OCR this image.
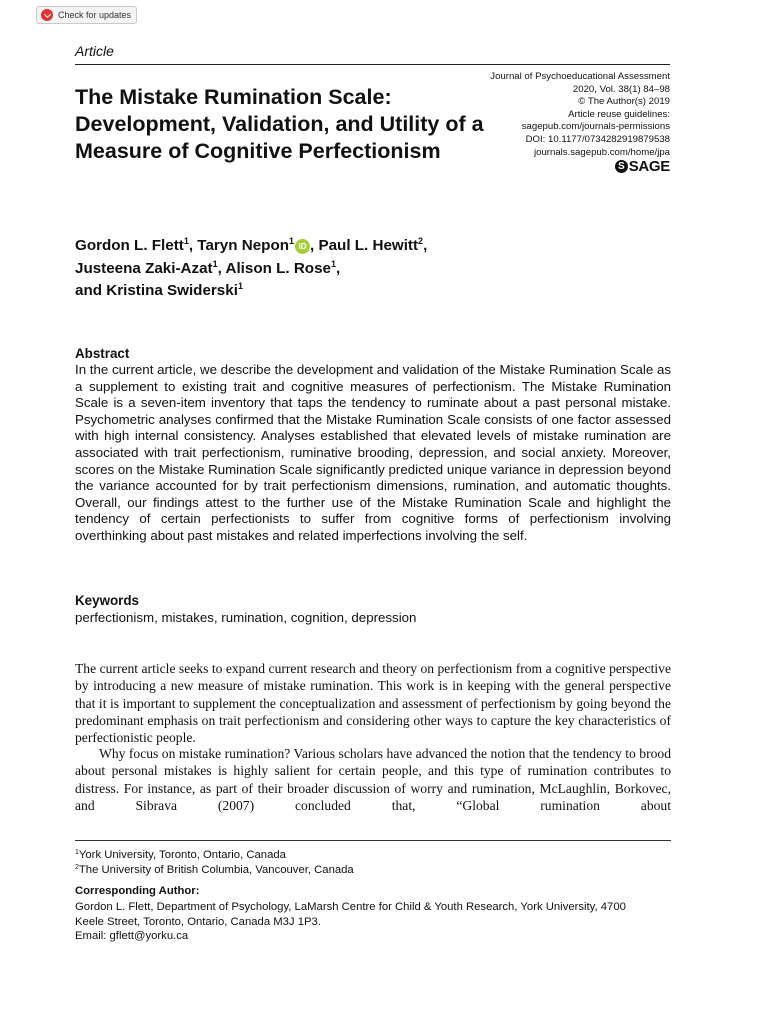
Check for updates
Article
The Mistake Rumination Scale: Development, Validation, and Utility of a Measure of Cognitive Perfectionism
Journal of Psychoeducational Assessment
2020, Vol. 38(1) 84–98
© The Author(s) 2019
Article reuse guidelines:
sagepub.com/journals-permissions
DOI: 10.1177/0734282919879538
journals.sagepub.com/home/jpa
S SAGE
Gordon L. Flett$^1$, Taryn Nepon$^1$iD , Paul L. Hewitt$^2$,
Justeena Zaki-Azat$^1$, Alison L. Rose$^1$,
and Kristina Swiderski$^1$
Abstract

In the current article, we describe the development and validation of the Mistake Rumination Scale as a supplement to existing trait and cognitive measures of perfectionism. The Mistake Rumination Scale is a seven-item inventory that taps the tendency to ruminate about a past personal mistake. Psychometric analyses confirmed that the Mistake Rumination Scale consists of one factor assessed with high internal consistency. Analyses established that elevated levels of mistake rumination are associated with trait perfectionism, ruminative brooding, depression, and social anxiety. Moreover, scores on the Mistake Rumination Scale significantly predicted unique variance in depression beyond the variance accounted for by trait perfectionism dimensions, rumination, and automatic thoughts. Overall, our findings attest to the further use of the Mistake Rumination Scale and highlight the tendency of certain perfectionists to suffer from cognitive forms of perfectionism involving overthinking about past mistakes and related imperfections involving the self.

Keywords
perfectionism, mistakes, rumination, cognition, depression

The current article seeks to expand current research and theory on perfectionism from a cognitive perspective by introducing a new measure of mistake rumination. This work is in keeping with the general perspective that it is important to supplement the conceptualization and assessment of perfectionism by going beyond the predominant emphasis on trait perfectionism and considering other ways to capture the key characteristics of perfectionistic people.

Why focus on mistake rumination? Various scholars have advanced the notion that the tendency to brood about personal mistakes is highly salient for certain people, and this type of rumination contributes to distress. For instance, as part of their broader discussion of worry and rumination, McLaughlin, Borkovec, and Sibrava (2007) concluded that, “Global rumination about

$^1$York University, Toronto, Ontario, Canada
$^2$The University of British Columbia, Vancouver, Canada
Corresponding Author:
Gordon L. Flett, Department of Psychology, LaMarsh Centre for Child & Youth Research, York University, 4700
Keele Street, Toronto, Ontario, Canada M3J 1P3.
Email: gflett@yorku.ca
